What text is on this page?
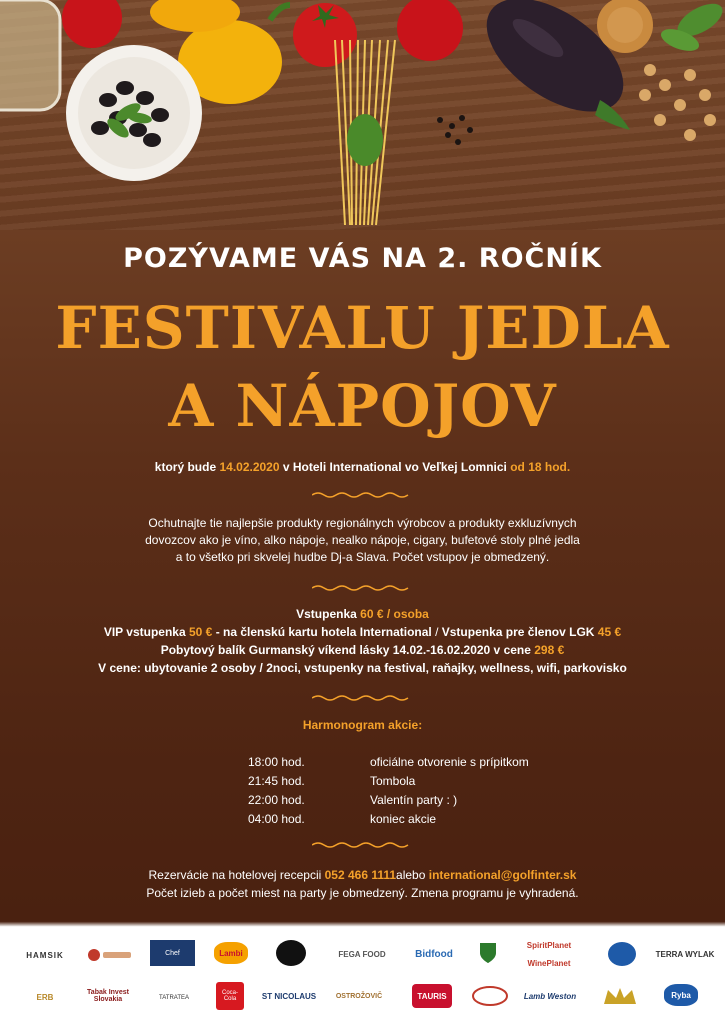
POZÝVAME VÁS NA 2. ROČNÍK
FESTIVALU JEDLA
A NÁPOJOV
ktorý bude 14.02.2020 v Hoteli International vo Veľkej Lomnici od 18 hod.
Ochutnajte tie najlepšie produkty regionálnych výrobcov a produkty exkluzívnych
dovozcov ako je víno, alko nápoje, nealko nápoje, cigary, bufetové stoly plné jedla
a to všetko pri skvelej hudbe Dj-a Slava. Počet vstupov je obmedzený.
Vstupenka 60 € / osoba
VIP vstupenka 50 € - na členskú kartu hotela International / Vstupenka pre členov LGK 45 €
Pobytový balík Gurmanský víkend lásky 14.02.-16.02.2020 v cene 298 €
V cene: ubytovanie 2 osoby / 2noci, vstupenky na festival, raňajky, wellness, wifi, parkovisko
Harmonogram akcie:
18:00 hod.	oficiálne otvorenie s prípitkom
21:45 hod.	Tombola
22:00 hod.	Valentín party : )
04:00 hod.	koniec akcie
Rezervácie na hotelovej recepcii 052 466 1111alebo international@golfinter.sk
Počet izieb a počet miest na party je obmedzený. Zmena programu je vyhradená.
HAMSIK	Chef	Lambi	FEGA FOOD	Bidfood
SpiritPlanet
WinePlanet
TERRA WYLAK
ERB	Tabak Invest Slovakia	TATRATEA
Coca-Cola	ST NICOLAUS	OSTROŽOVIČ	TAURIS	Lamb Weston	Ryba
